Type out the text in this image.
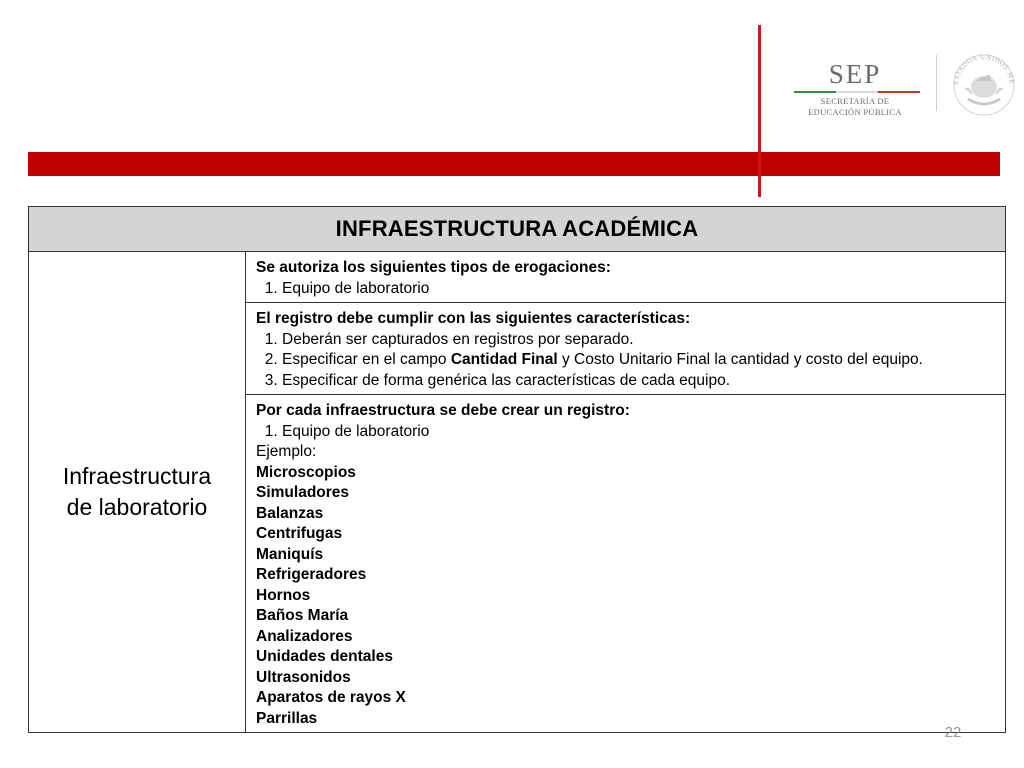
SEP
SECRETARÍA DE
EDUCACIÓN PÚBLICA
ESTADOS UNIDOS ME
INFRAESTRUCTURA ACADÉMICA
Infraestructura
de laboratorio	
Se autoriza los siguientes tipos de erogaciones:
1. Equipo de laboratorio

El registro debe cumplir con las siguientes características:
1. Deberán ser capturados en registros por separado.
2. Especificar en el campo Cantidad Final y Costo Unitario Final la cantidad y costo del equipo.
3. Especificar de forma genérica las características de cada equipo.

Por cada infraestructura se debe crear un registro:
1. Equipo de laboratorio
Ejemplo:
Microscopios
Simuladores
Balanzas
Centrifugas
Maniquís
Refrigeradores
Hornos
Baños María
Analizadores
Unidades dentales
Ultrasonidos
Aparatos de rayos X
Parrillas
22
